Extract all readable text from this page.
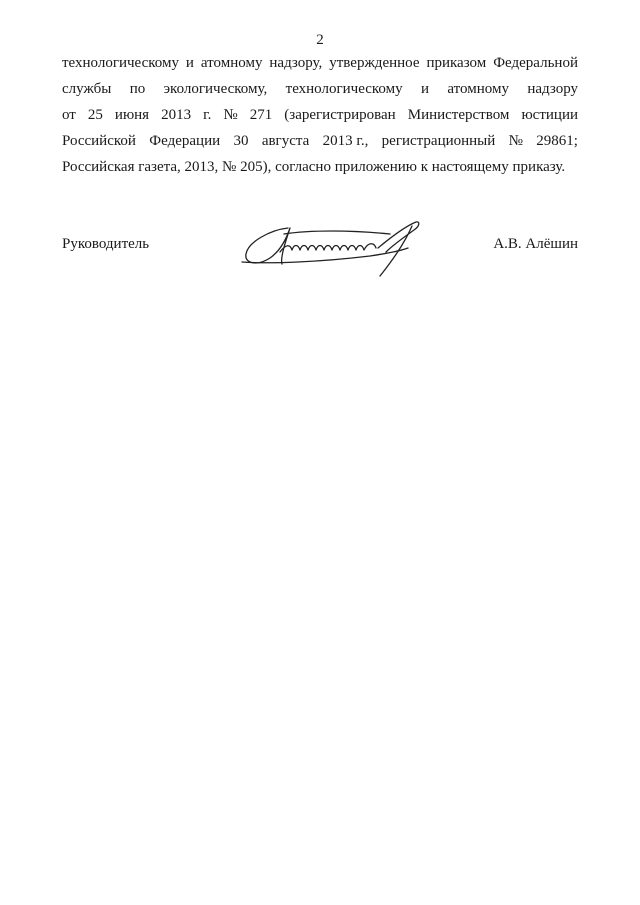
2
технологическому и атомному надзору, утвержденное приказом Федеральной
службы по экологическому, технологическому и атомному надзору
от 25 июня 2013 г. № 271 (зарегистрирован Министерством юстиции
Российской Федерации 30 августа 2013 г., регистрационный № 29861;
Российская газета, 2013, № 205), согласно приложению к настоящему приказу.
Руководитель	А.В. Алёшин
